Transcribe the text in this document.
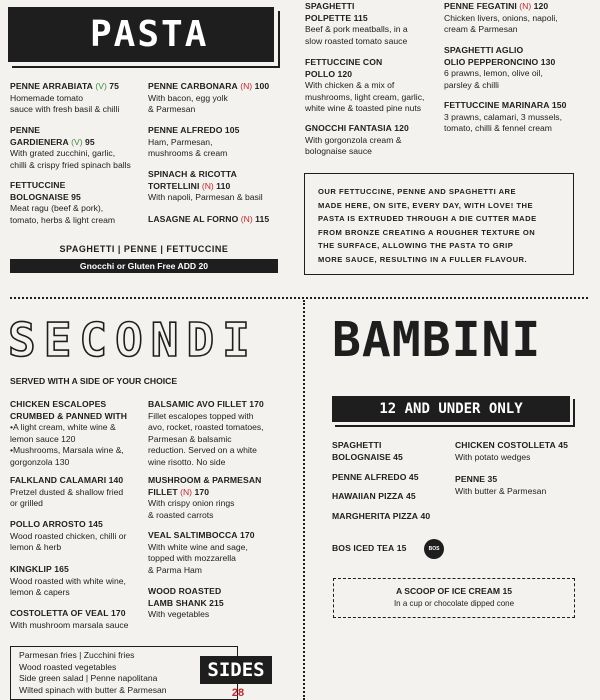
PASTA
PENNE ARRABIATA (V) 75
Homemade tomato
sauce with fresh basil & chilli
PENNE
GARDIENERA (V) 95
With grated zucchini, garlic,
chilli & crispy fried spinach balls
FETTUCCINE
BOLOGNAISE 95
Meat ragu (beef & pork),
tomato, herbs & light cream
PENNE CARBONARA (N) 100
With bacon, egg yolk
& Parmesan
PENNE ALFREDO 105
Ham, Parmesan,
mushrooms & cream
SPINACH & RICOTTA
TORTELLINI (N) 110
With napoli, Parmesan & basil
LASAGNE AL FORNO (N) 115
SPAGHETTI
POLPETTE 115
Beef & pork meatballs, in a
slow roasted tomato sauce
FETTUCCINE CON
POLLO 120
With chicken & a mix of
mushrooms, light cream, garlic,
white wine & toasted pine nuts
GNOCCHI FANTASIA 120
With gorgonzola cream &
bolognaise sauce
PENNE FEGATINI (N) 120
Chicken livers, onions, napoli,
cream & Parmesan
SPAGHETTI AGLIO
OLIO PEPPERONCINO 130
6 prawns, lemon, olive oil,
parsley & chilli
FETTUCCINE MARINARA 150
3 prawns, calamari, 3 mussels,
tomato, chilli & fennel cream
SPAGHETTI | PENNE | FETTUCCINE
Gnocchi or Gluten Free ADD 20
OUR FETTUCCINE, PENNE AND SPAGHETTI ARE
MADE HERE, ON SITE, EVERY DAY, WITH LOVE! THE
PASTA IS EXTRUDED THROUGH A DIE CUTTER MADE
FROM BRONZE CREATING A ROUGHER TEXTURE ON
THE SURFACE, ALLOWING THE PASTA TO GRIP
MORE SAUCE, RESULTING IN A FULLER FLAVOUR.
SECONDI
SERVED WITH A SIDE OF YOUR CHOICE
CHICKEN ESCALOPES
CRUMBED & PANNED WITH
•A light cream, white wine &
lemon sauce 120
•Mushrooms, Marsala wine &,
gorgonzola 130
FALKLAND CALAMARI 140
Pretzel dusted & shallow fried
or grilled
POLLO ARROSTO 145
Wood roasted chicken, chilli or
lemon & herb
KINGKLIP 165
Wood roasted with white wine,
lemon & capers
COSTOLETTA OF VEAL 170
With mushroom marsala sauce
BALSAMIC AVO FILLET 170
Fillet escalopes topped with
avo, rocket, roasted tomatoes,
Parmesan & balsamic
reduction. Served on a white
wine risotto. No side
MUSHROOM & PARMESAN
FILLET (N) 170
With crispy onion rings
& roasted carrots
VEAL SALTIMBOCCA 170
With white wine and sage,
topped with mozzarella
& Parma Ham
WOOD ROASTED
LAMB SHANK 215
With vegetables
BAMBINI
12 AND UNDER ONLY
SPAGHETTI
BOLOGNAISE 45
PENNE ALFREDO 45
HAWAIIAN PIZZA 45
MARGHERITA PIZZA 40
BOS ICED TEA 15	BOS
CHICKEN COSTOLLETA 45
With potato wedges
PENNE 35
With butter & Parmesan
A SCOOP OF ICE CREAM 15
In a cup or chocolate dipped cone
Parmesan fries | Zucchini fries
Wood roasted vegetables
Side green salad | Penne napolitana
Wilted spinach with butter & Parmesan
SIDES
28
